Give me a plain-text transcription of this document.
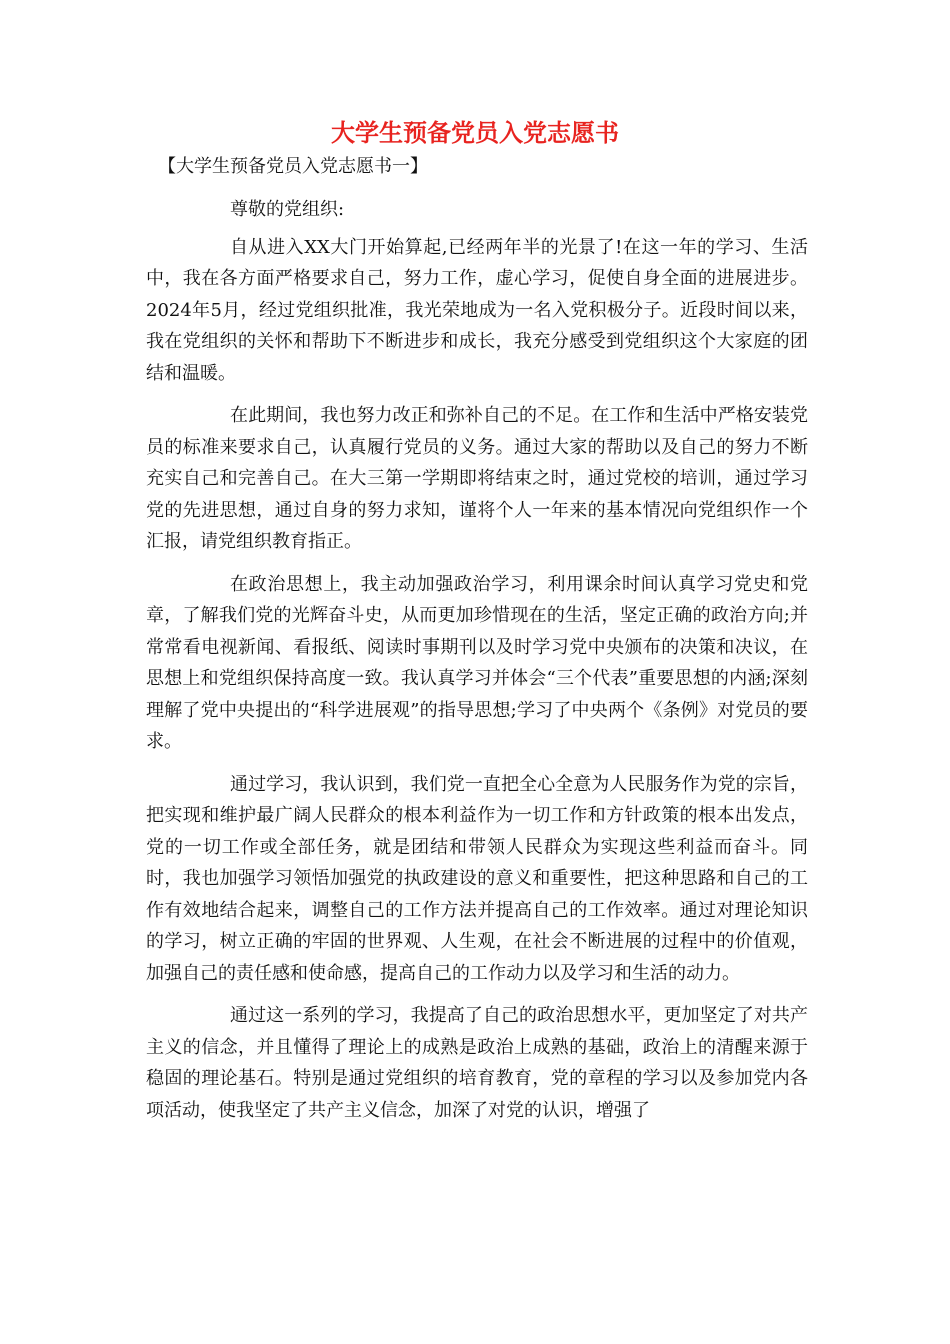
大学生预备党员入党志愿书
【大学生预备党员入党志愿书一】

尊敬的党组织:

自从进入XX大门开始算起,已经两年半的光景了!在这一年的学习、生活中，我在各方面严格要求自己，努力工作，虚心学习，促使自身全面的进展进步。2024年5月，经过党组织批准，我光荣地成为一名入党积极分子。近段时间以来，我在党组织的关怀和帮助下不断进步和成长，我充分感受到党组织这个大家庭的团结和温暖。

在此期间，我也努力改正和弥补自己的不足。在工作和生活中严格安装党员的标准来要求自己，认真履行党员的义务。通过大家的帮助以及自己的努力不断充实自己和完善自己。在大三第一学期即将结束之时，通过党校的培训，通过学习党的先进思想，通过自身的努力求知，谨将个人一年来的基本情况向党组织作一个汇报，请党组织教育指正。

在政治思想上，我主动加强政治学习，利用课余时间认真学习党史和党章，了解我们党的光辉奋斗史，从而更加珍惜现在的生活，坚定正确的政治方向;并常常看电视新闻、看报纸、阅读时事期刊以及时学习党中央颁布的决策和决议，在思想上和党组织保持高度一致。我认真学习并体会“三个代表”重要思想的内涵;深刻理解了党中央提出的“科学进展观”的指导思想;学习了中央两个《条例》对党员的要求。

通过学习，我认识到，我们党一直把全心全意为人民服务作为党的宗旨，把实现和维护最广阔人民群众的根本利益作为一切工作和方针政策的根本出发点，党的一切工作或全部任务，就是团结和带领人民群众为实现这些利益而奋斗。同时，我也加强学习领悟加强党的执政建设的意义和重要性，把这种思路和自己的工作有效地结合起来，调整自己的工作方法并提高自己的工作效率。通过对理论知识的学习，树立正确的牢固的世界观、人生观，在社会不断进展的过程中的价值观，加强自己的责任感和使命感，提高自己的工作动力以及学习和生活的动力。

通过这一系列的学习，我提高了自己的政治思想水平，更加坚定了对共产主义的信念，并且懂得了理论上的成熟是政治上成熟的基础，政治上的清醒来源于稳固的理论基石。特别是通过党组织的培育教育，党的章程的学习以及参加党内各项活动，使我坚定了共产主义信念，加深了对党的认识，增强了
